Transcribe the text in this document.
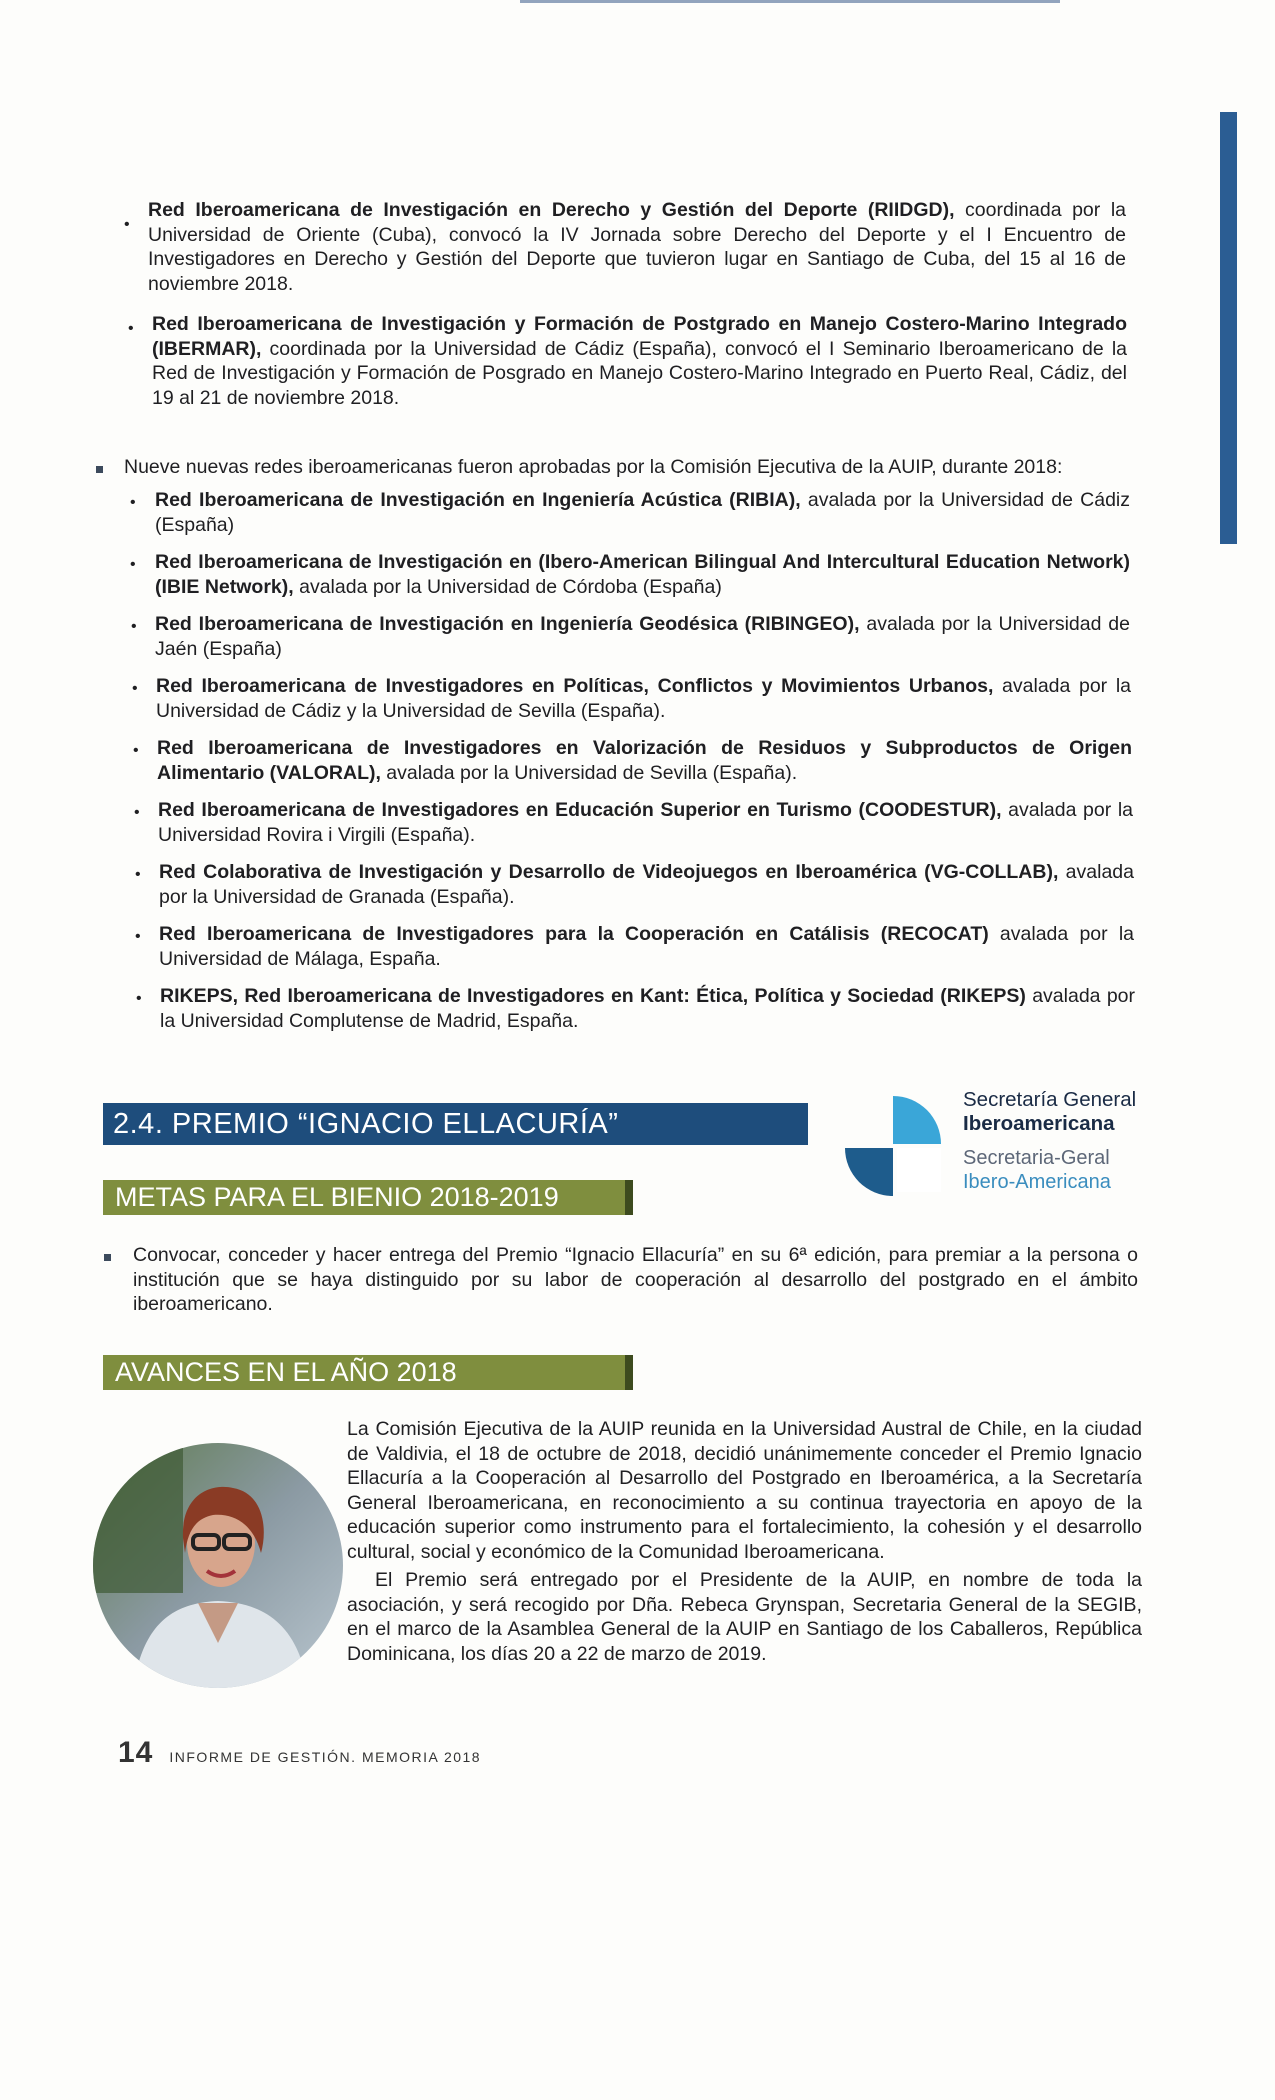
•

Red Iberoamericana de Investigación en Derecho y Gestión del Deporte (RIIDGD), coordinada por la Universidad de Oriente (Cuba), convocó la IV Jornada sobre Derecho del Deporte y el I Encuentro de Investigadores en Derecho y Gestión del Deporte que tuvieron lugar en Santiago de Cuba, del 15 al 16 de noviembre 2018.

• Red Iberoamericana de Investigación y Formación de Postgrado en Manejo Costero-Marino Integrado (IBERMAR), coordinada por la Universidad de Cádiz (España), convocó el I Seminario Iberoamericano de la Red de Investigación y Formación de Posgrado en Manejo Costero-Marino Integrado en Puerto Real, Cádiz, del 19 al 21 de noviembre 2018.

Nueve nuevas redes iberoamericanas fueron aprobadas por la Comisión Ejecutiva de la AUIP, durante 2018:

• Red Iberoamericana de Investigación en Ingeniería Acústica (RIBIA), avalada por la Universidad de Cádiz (España)

• Red Iberoamericana de Investigación en (Ibero-American Bilingual And Intercultural Education Network) (IBIE Network), avalada por la Universidad de Córdoba (España)

• Red Iberoamericana de Investigación en Ingeniería Geodésica (RIBINGEO), avalada por la Universidad de Jaén (España)

• Red Iberoamericana de Investigadores en Políticas, Conflictos y Movimientos Urbanos, avalada por la Universidad de Cádiz y la Universidad de Sevilla (España).

• Red Iberoamericana de Investigadores en Valorización de Residuos y Subproductos de Origen Alimentario (VALORAL), avalada por la Universidad de Sevilla (España).

• Red Iberoamericana de Investigadores en Educación Superior en Turismo (COODESTUR), avalada por la Universidad Rovira i Virgili (España).

• Red Colaborativa de Investigación y Desarrollo de Videojuegos en Iberoamérica (VG-COLLAB), avalada por la Universidad de Granada (España).

• Red Iberoamericana de Investigadores para la Cooperación en Catálisis (RECOCAT) avalada por la Universidad de Málaga, España.

• RIKEPS, Red Iberoamericana de Investigadores en Kant: Ética, Política y Sociedad (RIKEPS) avalada por la Universidad Complutense de Madrid, España.

2.4. PREMIO “IGNACIO ELLACURÍA”
Secretaría General
Iberoamericana
Secretaria-Geral
Ibero-Americana
METAS PARA EL BIENIO 2018-2019

Convocar, conceder y hacer entrega del Premio “Ignacio Ellacuría” en su 6ª edición, para premiar a la persona o institución que se haya distinguido por su labor de cooperación al desarrollo del postgrado en el ámbito iberoamericano.

AVANCES EN EL AÑO 2018

La Comisión Ejecutiva de la AUIP reunida en la Universidad Austral de Chile, en la ciudad de Valdivia, el 18 de octubre de 2018, decidió unánimemente conceder el Premio Ignacio Ellacuría a la Cooperación al Desarrollo del Postgrado en Iberoamérica, a la Secretaría General Iberoamericana, en reconocimiento a su continua trayectoria en apoyo de la educación superior como instrumento para el fortalecimiento, la cohesión y el desarrollo cultural, social y económico de la Comunidad Iberoamericana.

El Premio será entregado por el Presidente de la AUIP, en nombre de toda la asociación, y será recogido por Dña. Rebeca Grynspan, Secretaria General de la SEGIB, en el marco de la Asamblea General de la AUIP en Santiago de los Caballeros, República Dominicana, los días 20 a 22 de marzo de 2019.

14 INFORME DE GESTIÓN. MEMORIA 2018
